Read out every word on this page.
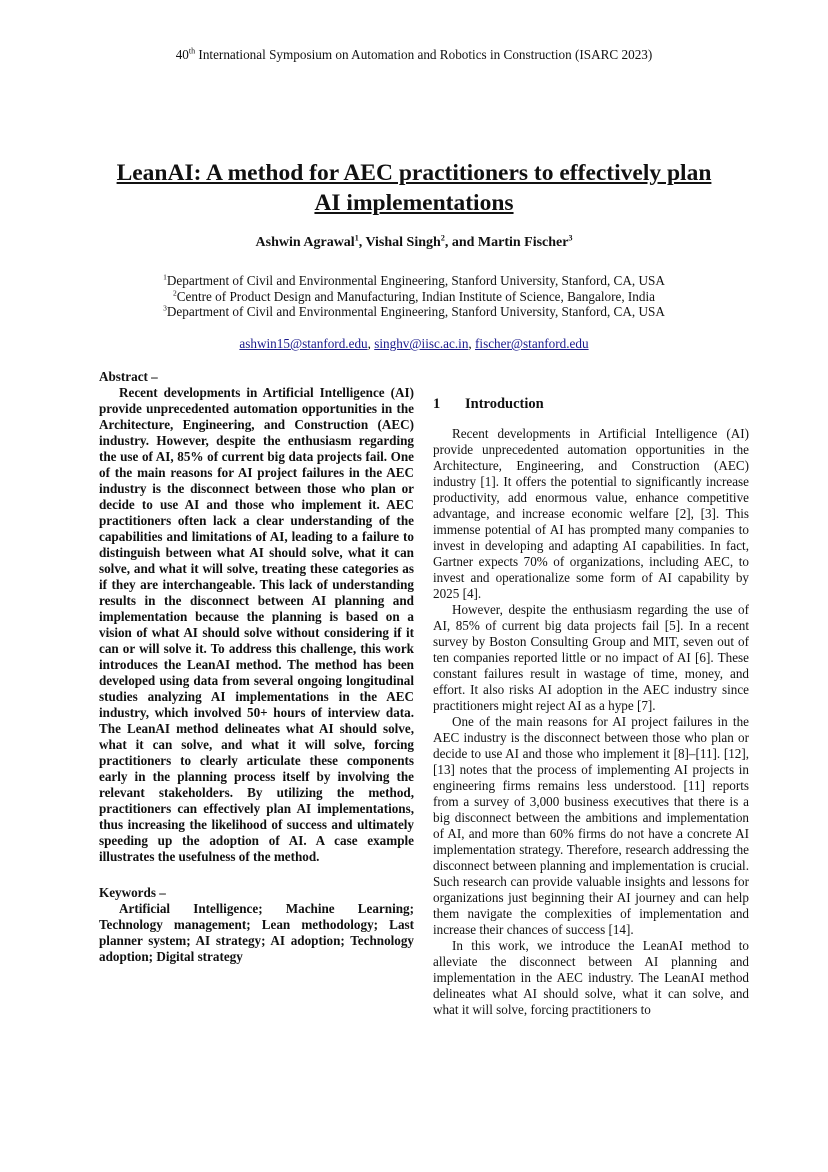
40th International Symposium on Automation and Robotics in Construction (ISARC 2023)
LeanAI: A method for AEC practitioners to effectively plan
AI implementations
Ashwin Agrawal$^1$, Vishal Singh$^2$, and Martin Fischer$^3$
$^1$Department of Civil and Environmental Engineering, Stanford University, Stanford, CA, USA
$^2$Centre of Product Design and Manufacturing, Indian Institute of Science, Bangalore, India
$^3$Department of Civil and Environmental Engineering, Stanford University, Stanford, CA, USA
ashwin15@stanford.edu, singhv@iisc.ac.in, fischer@stanford.edu

Abstract –

Recent developments in Artificial Intelligence (AI) provide unprecedented automation opportunities in the Architecture, Engineering, and Construction (AEC) industry. However, despite the enthusiasm regarding the use of AI, 85% of current big data projects fail. One of the main reasons for AI project failures in the AEC industry is the disconnect between those who plan or decide to use AI and those who implement it. AEC practitioners often lack a clear understanding of the capabilities and limitations of AI, leading to a failure to distinguish between what AI should solve, what it can solve, and what it will solve, treating these categories as if they are interchangeable. This lack of understanding results in the disconnect between AI planning and implementation because the planning is based on a vision of what AI should solve without considering if it can or will solve it. To address this challenge, this work introduces the LeanAI method. The method has been developed using data from several ongoing longitudinal studies analyzing AI implementations in the AEC industry, which involved 50+ hours of interview data. The LeanAI method delineates what AI should solve, what it can solve, and what it will solve, forcing practitioners to clearly articulate these components early in the planning process itself by involving the relevant stakeholders. By utilizing the method, practitioners can effectively plan AI implementations, thus increasing the likelihood of success and ultimately speeding up the adoption of AI. A case example illustrates the usefulness of the method.

Keywords –

Artificial Intelligence; Machine Learning; Technology management; Lean methodology; Last planner system; AI strategy; AI adoption; Technology adoption; Digital strategy

1 Introduction

Recent developments in Artificial Intelligence (AI) provide unprecedented automation opportunities in the Architecture, Engineering, and Construction (AEC) industry [1]. It offers the potential to significantly increase productivity, add enormous value, enhance competitive advantage, and increase economic welfare [2], [3]. This immense potential of AI has prompted many companies to invest in developing and adapting AI capabilities. In fact, Gartner expects 70% of organizations, including AEC, to invest and operationalize some form of AI capability by 2025 [4].

However, despite the enthusiasm regarding the use of AI, 85% of current big data projects fail [5]. In a recent survey by Boston Consulting Group and MIT, seven out of ten companies reported little or no impact of AI [6]. These constant failures result in wastage of time, money, and effort. It also risks AI adoption in the AEC industry since practitioners might reject AI as a hype [7].

One of the main reasons for AI project failures in the AEC industry is the disconnect between those who plan or decide to use AI and those who implement it [8]–[11]. [12], [13] notes that the process of implementing AI projects in engineering firms remains less understood. [11] reports from a survey of 3,000 business executives that there is a big disconnect between the ambitions and implementation of AI, and more than 60% firms do not have a concrete AI implementation strategy. Therefore, research addressing the disconnect between planning and implementation is crucial. Such research can provide valuable insights and lessons for organizations just beginning their AI journey and can help them navigate the complexities of implementation and increase their chances of success [14].

In this work, we introduce the LeanAI method to alleviate the disconnect between AI planning and implementation in the AEC industry. The LeanAI method delineates what AI should solve, what it can solve, and what it will solve, forcing practitioners to
